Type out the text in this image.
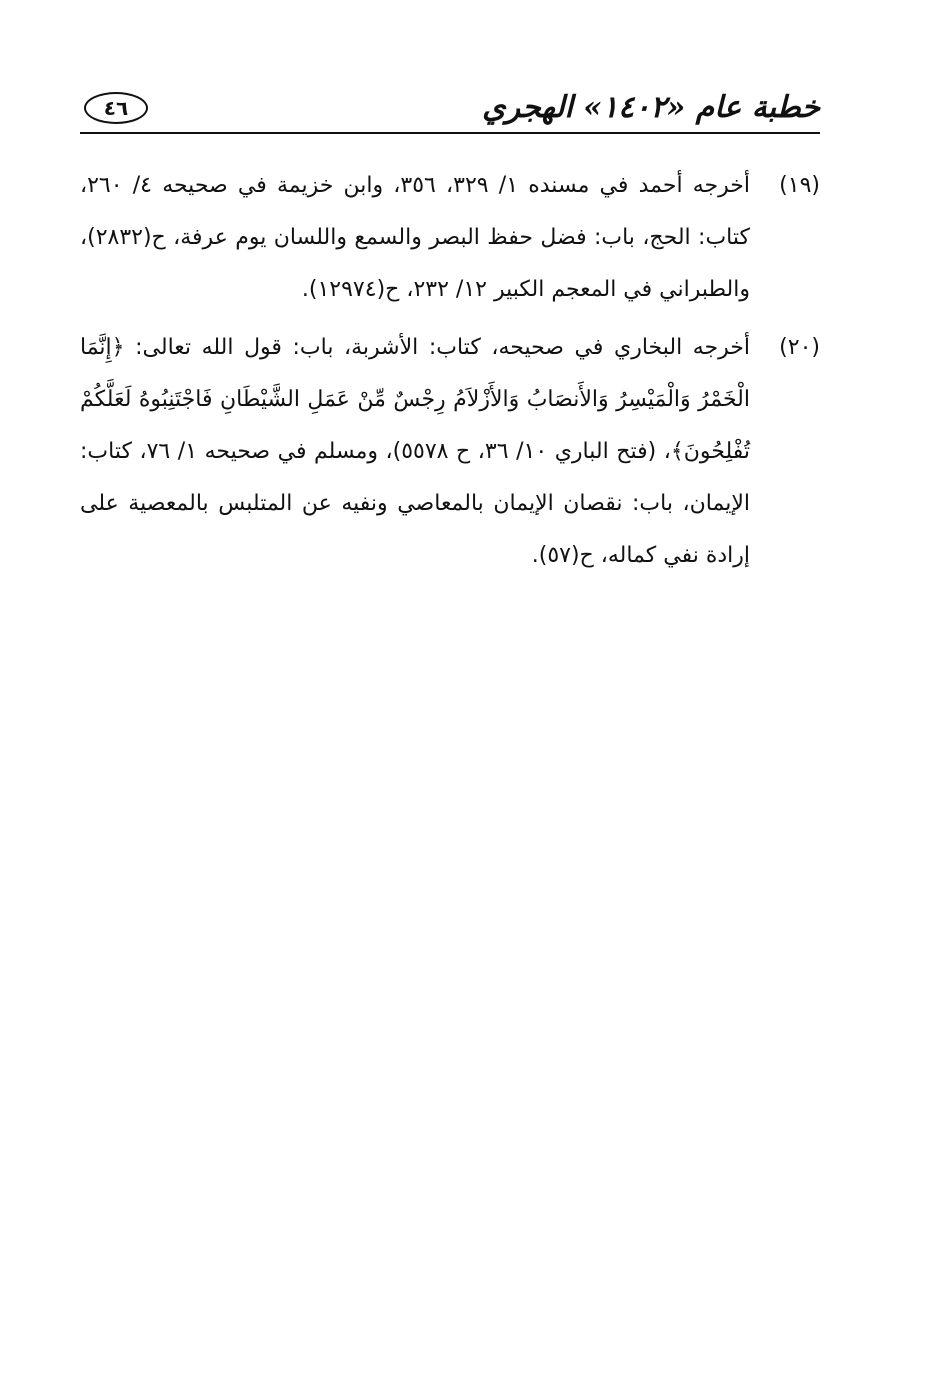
خطبة عام «١٤٠٢» الهجري
٤٦
(١٩)
أخرجه أحمد في مسنده ١/ ٣٢٩، ٣٥٦، وابن خزيمة في صحيحه ٤/ ٢٦٠، كتاب: الحج، باب: فضل حفظ البصر والسمع واللسان يوم عرفة، ح(٢٨٣٢)، والطبراني في المعجم الكبير ١٢/ ٢٣٢، ح(١٢٩٧٤).
(٢٠)
أخرجه البخاري في صحيحه، كتاب: الأشربة، باب: قول الله تعالى: ﴿إِنَّمَا الْخَمْرُ وَالْمَيْسِرُ وَالأَنصَابُ وَالأَزْلاَمُ رِجْسٌ مِّنْ عَمَلِ الشَّيْطَانِ فَاجْتَنِبُوهُ لَعَلَّكُمْ تُفْلِحُونَ﴾، (فتح الباري ١٠/ ٣٦، ح ٥٥٧٨)، ومسلم في صحيحه ١/ ٧٦، كتاب: الإيمان، باب: نقصان الإيمان بالمعاصي ونفيه عن المتلبس بالمعصية على إرادة نفي كماله، ح(٥٧).
